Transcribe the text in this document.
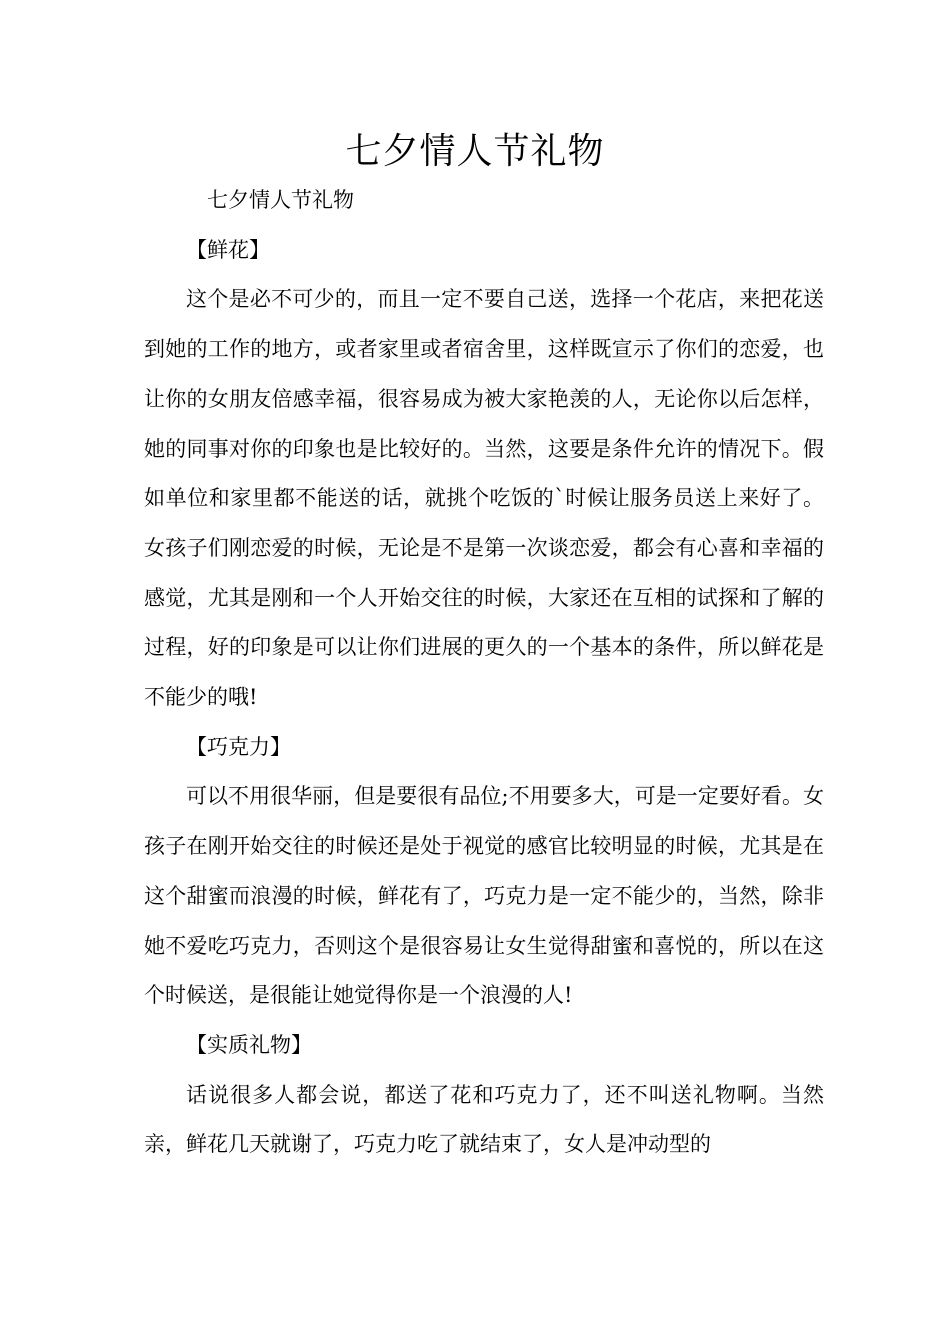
七夕情人节礼物

七夕情人节礼物

【鲜花】

这个是必不可少的，而且一定不要自己送，选择一个花店，来把花送到她的工作的地方，或者家里或者宿舍里，这样既宣示了你们的恋爱，也让你的女朋友倍感幸福，很容易成为被大家艳羡的人，无论你以后怎样，她的同事对你的印象也是比较好的。当然，这要是条件允许的情况下。假如单位和家里都不能送的话，就挑个吃饭的`时候让服务员送上来好了。女孩子们刚恋爱的时候，无论是不是第一次谈恋爱，都会有心喜和幸福的感觉，尤其是刚和一个人开始交往的时候，大家还在互相的试探和了解的过程，好的印象是可以让你们进展的更久的一个基本的条件，所以鲜花是不能少的哦!

【巧克力】

可以不用很华丽，但是要很有品位;不用要多大，可是一定要好看。女孩子在刚开始交往的时候还是处于视觉的感官比较明显的时候，尤其是在这个甜蜜而浪漫的时候，鲜花有了，巧克力是一定不能少的，当然，除非她不爱吃巧克力，否则这个是很容易让女生觉得甜蜜和喜悦的，所以在这个时候送，是很能让她觉得你是一个浪漫的人!

【实质礼物】

话说很多人都会说，都送了花和巧克力了，还不叫送礼物啊。当然亲，鲜花几天就谢了，巧克力吃了就结束了，女人是冲动型的
